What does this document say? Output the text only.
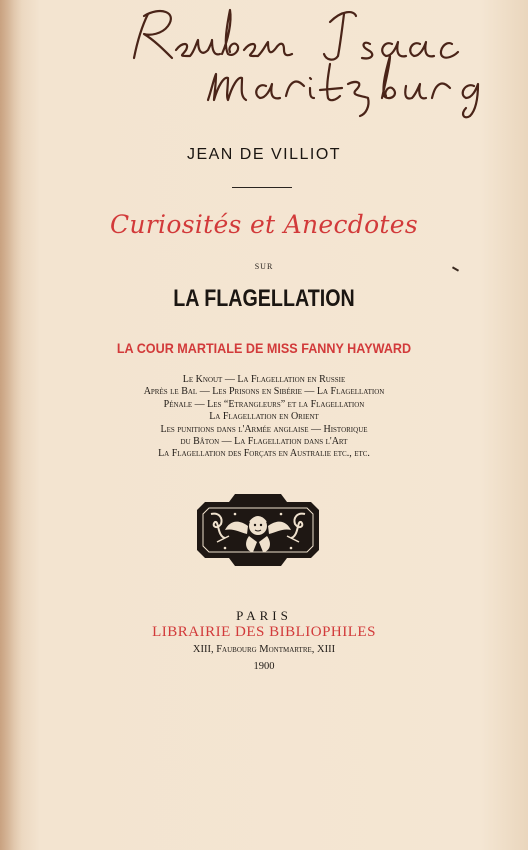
JEAN DE VILLIOT
Curiosités et Anecdotes
SUR
LA FLAGELLATION
LA COUR MARTIALE DE MISS FANNY HAYWARD
Le Knout — La Flagellation en Russie
Après le Bal — Les Prisons en Sibérie — La Flagellation
Pénale — Les “Etrangleurs” et la Flagellation
La Flagellation en Orient
Les punitions dans l'Armée anglaise — Historique
du Bâton — La Flagellation dans l'Art
La Flagellation des Forçats en Australie etc., etc.
PARIS
LIBRAIRIE DES BIBLIOPHILES
XIII, Faubourg Montmartre, XIII
1900
